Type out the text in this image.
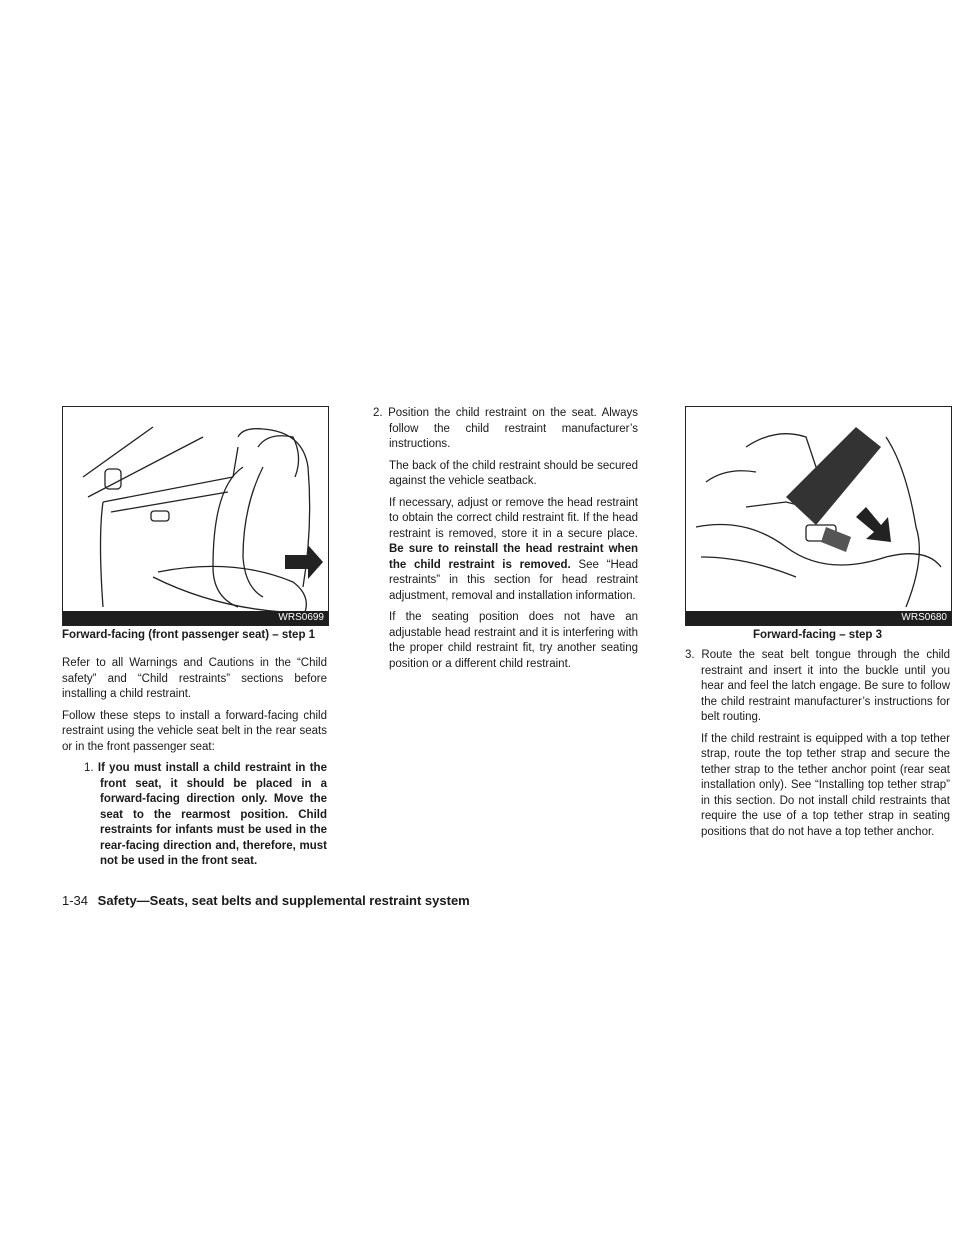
WRS0699
Forward-facing (front passenger seat) – step 1

Refer to all Warnings and Cautions in the “Child safety” and “Child restraints” sections before installing a child restraint.

Follow these steps to install a forward-facing child restraint using the vehicle seat belt in the rear seats or in the front passenger seat:

1. If you must install a child restraint in the front seat, it should be placed in a forward-facing direction only. Move the seat to the rearmost position. Child restraints for infants must be used in the rear-facing direction and, therefore, must not be used in the front seat.

2. Position the child restraint on the seat. Always follow the child restraint manufacturer’s instructions.

The back of the child restraint should be secured against the vehicle seatback.

If necessary, adjust or remove the head restraint to obtain the correct child restraint fit. If the head restraint is removed, store it in a secure place. Be sure to reinstall the head restraint when the child restraint is removed. See “Head restraints” in this section for head restraint adjustment, removal and installation information.

If the seating position does not have an adjustable head restraint and it is interfering with the proper child restraint fit, try another seating position or a different child restraint.

WRS0680
Forward-facing – step 3

3. Route the seat belt tongue through the child restraint and insert it into the buckle until you hear and feel the latch engage. Be sure to follow the child restraint manufacturer’s instructions for belt routing.

If the child restraint is equipped with a top tether strap, route the top tether strap and secure the tether strap to the tether anchor point (rear seat installation only). See “Installing top tether strap” in this section. Do not install child restraints that require the use of a top tether strap in seating positions that do not have a top tether anchor.

1-34 Safety—Seats, seat belts and supplemental restraint system
